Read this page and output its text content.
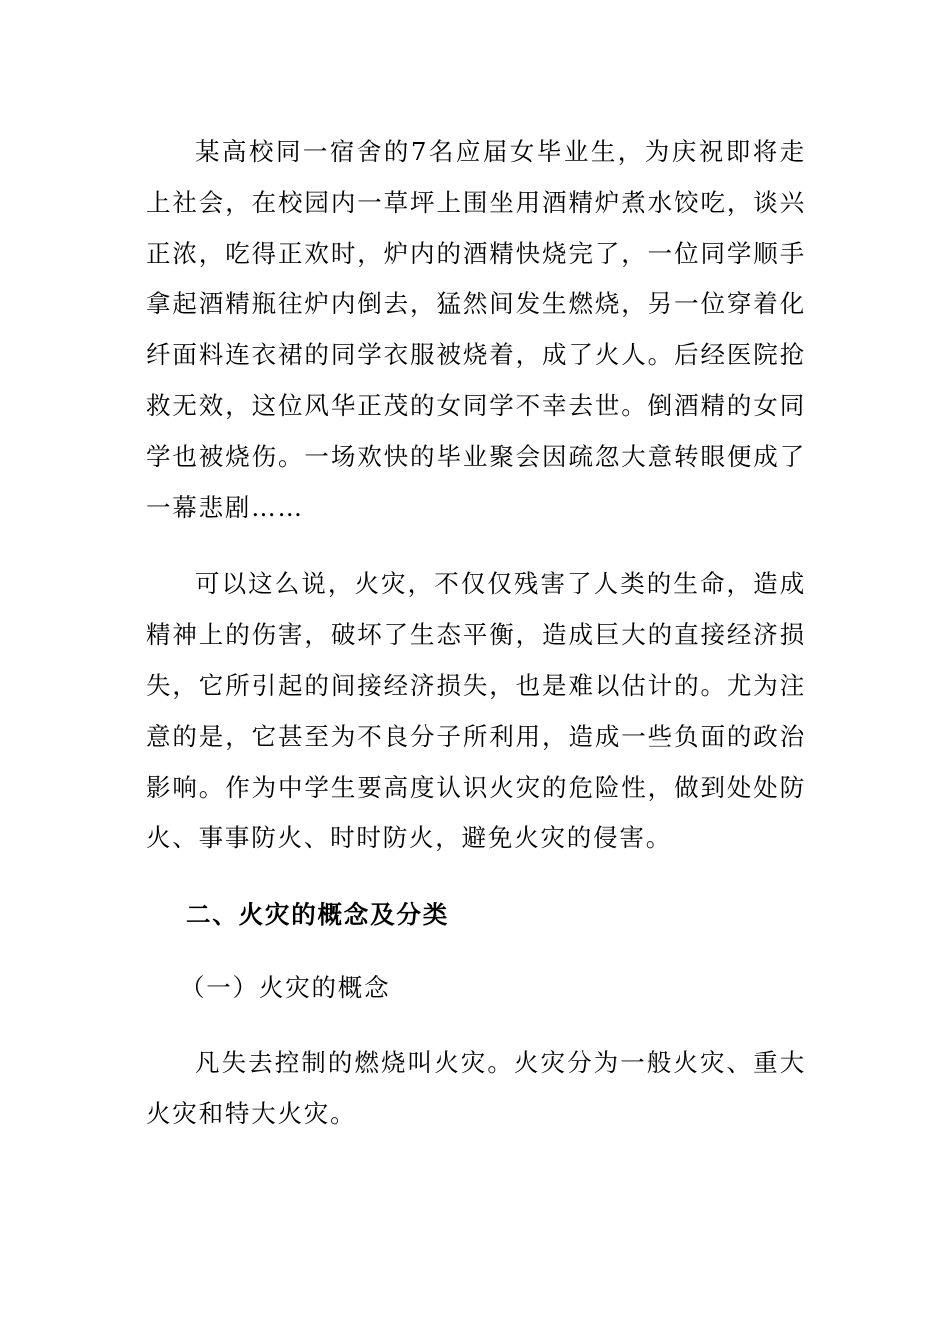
某高校同一宿舍的7名应届女毕业生，为庆祝即将走上社会，在校园内一草坪上围坐用酒精炉煮水饺吃，谈兴正浓，吃得正欢时，炉内的酒精快烧完了，一位同学顺手拿起酒精瓶往炉内倒去，猛然间发生燃烧，另一位穿着化纤面料连衣裙的同学衣服被烧着，成了火人。后经医院抢救无效，这位风华正茂的女同学不幸去世。倒酒精的女同学也被烧伤。一场欢快的毕业聚会因疏忽大意转眼便成了一幕悲剧……

可以这么说，火灾，不仅仅残害了人类的生命，造成精神上的伤害，破坏了生态平衡，造成巨大的直接经济损失，它所引起的间接经济损失，也是难以估计的。尤为注意的是，它甚至为不良分子所利用，造成一些负面的政治影响。作为中学生要高度认识火灾的危险性，做到处处防火、事事防火、时时防火，避免火灾的侵害。

二、火灾的概念及分类

（一）火灾的概念

凡失去控制的燃烧叫火灾。火灾分为一般火灾、重大火灾和特大火灾。
